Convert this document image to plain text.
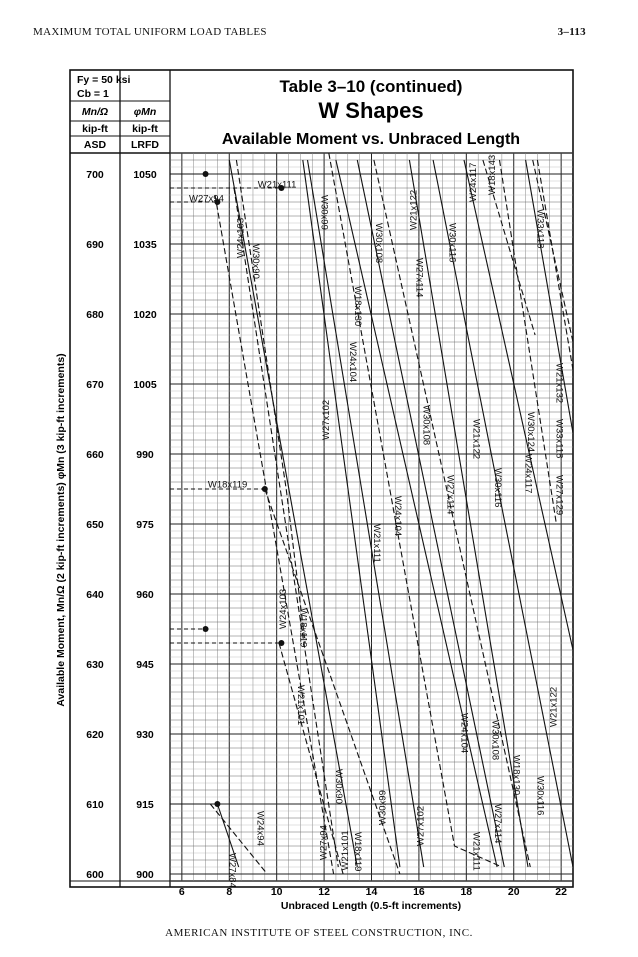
MAXIMUM TOTAL UNIFORM LOAD TABLES	3–113
Fy = 50 ksi
Cb = 1
Mn/Ω φMn
kip-ft kip-ft
ASD LRFD
Table 3–10 (continued)
W Shapes
Available Moment vs. Unbraced Length
W21x111
W27x94
W18x119
W24x103
W30x90
W30x99
W30x108
W21x122
W27x114
W30x116
W24x117 W18x143
W33x118
W18x130
W24x104
W21x132
W30x108	W21x122	W30x124 W33x118
W27x102
W24x117
W27x129
W30x116
W27x114
W24x104
W21x111
W18x119
W24x103
W21x101
W24x104 W30x108
W21x122
W30x116
W18x130
W30x90
W27x114
W24x94
W30x99
W18x119	W21x111
W27x102
W27x84
W27x94 W21x101
700
690
680
670
660
650
640
630
620
610
600
1050
1035
1020
1005
990
975
960
945
930
915
900
6	8	10	12	14	16	18	20	22
Unbraced Length (0.5-ft increments)
Available Moment, Mn/Ω (2 kip-ft increments) φMn (3 kip-ft increments)
AMERICAN INSTITUTE OF STEEL CONSTRUCTION, INC.
